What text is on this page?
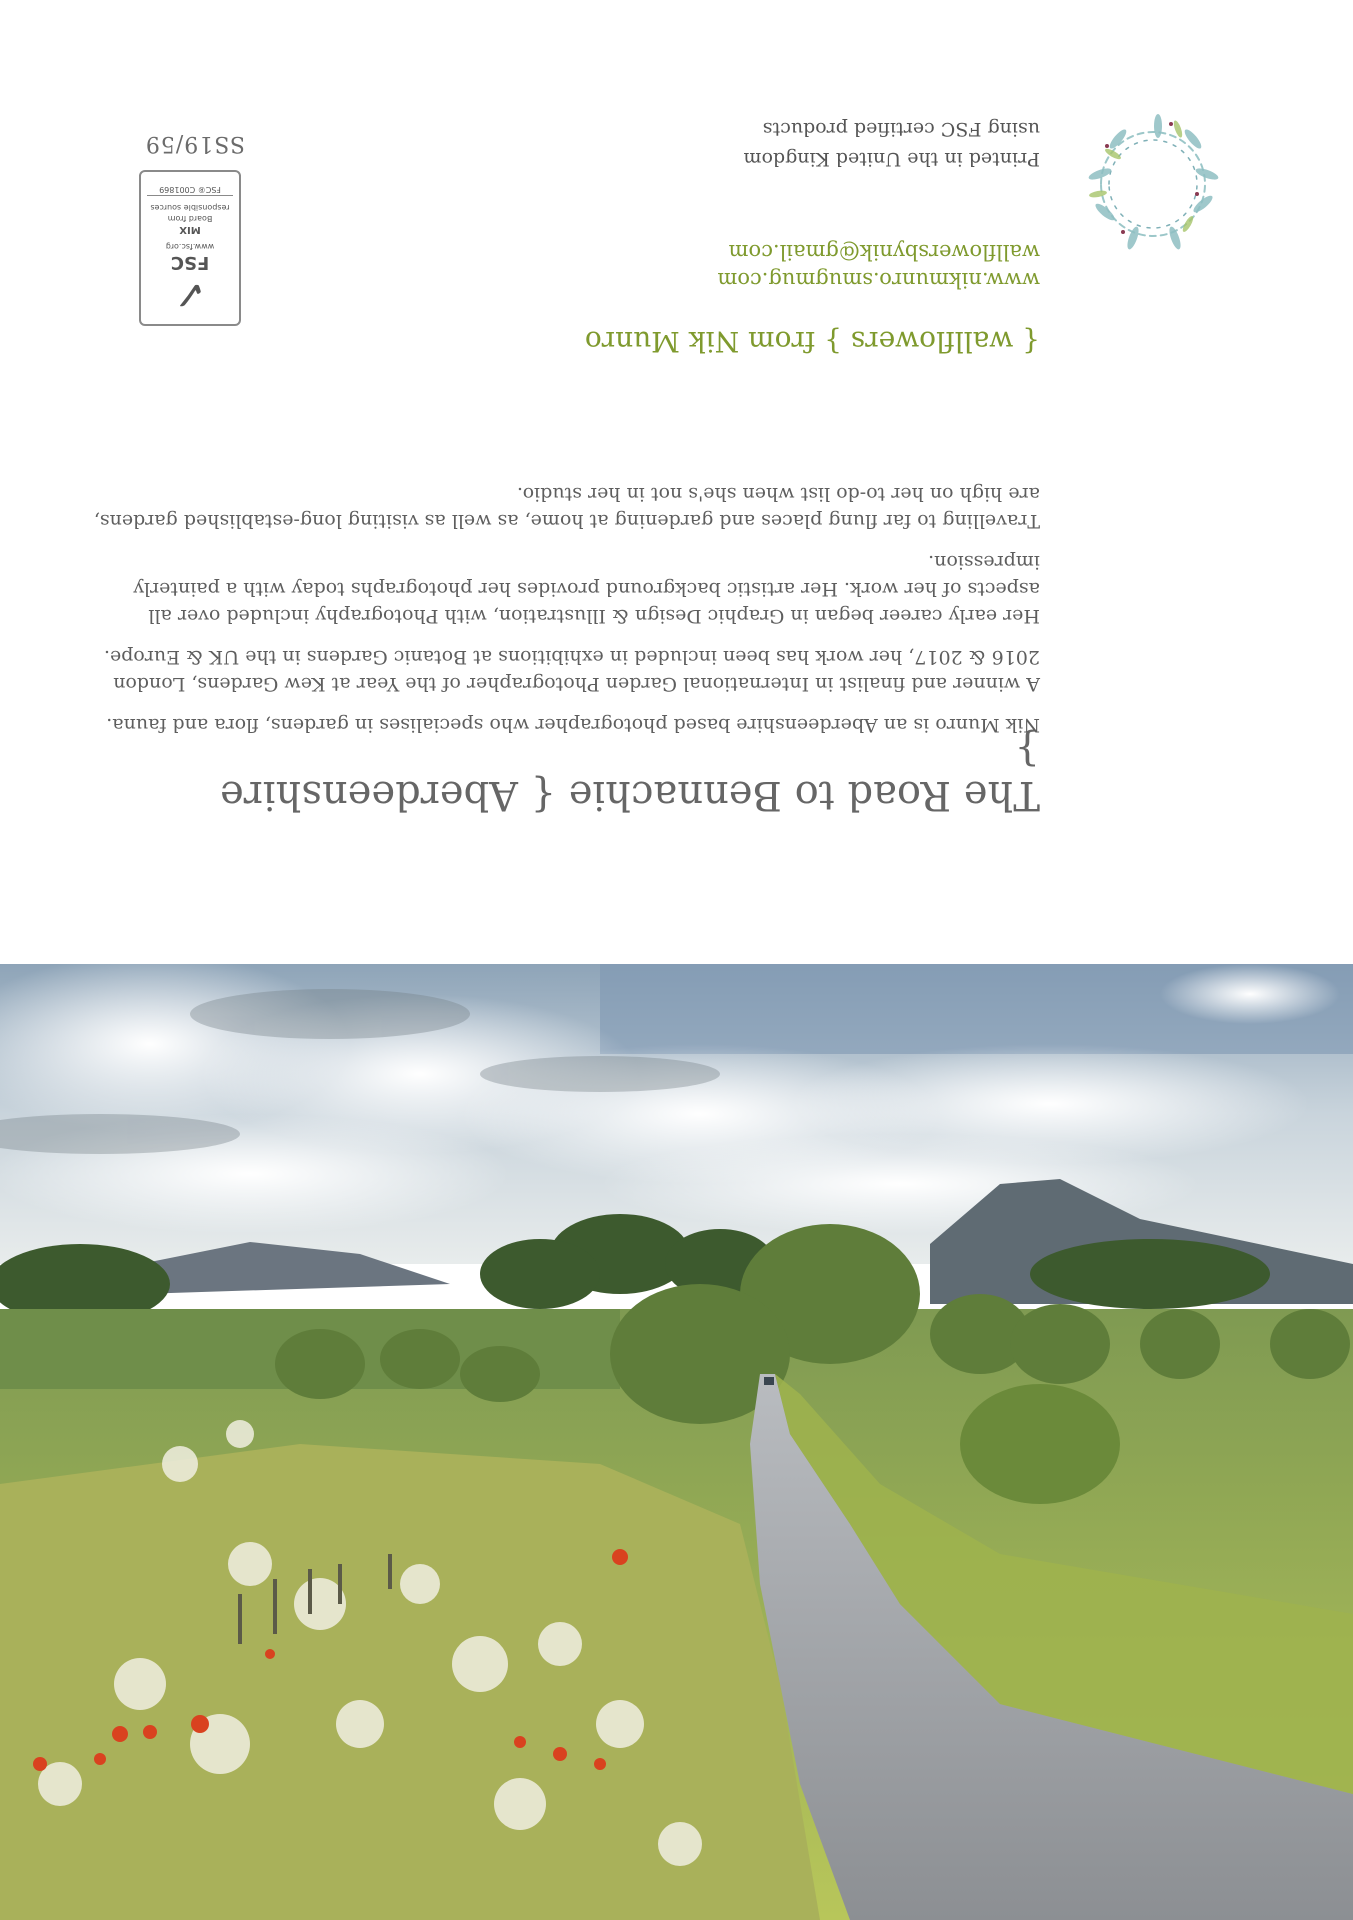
The Road to Bennachie { Aberdeenshire }

Nik Munro is an Aberdeenshire based photographer who specialises in gardens, flora and fauna.

A winner and finalist in International Garden Photographer of the Year at Kew Gardens, London 2016 & 2017, her work has been included in exhibitions at Botanic Gardens in the UK & Europe.

Her early career began in Graphic Design & Illustration, with Photography included over all aspects of her work. Her artistic background provides her photographs today with a painterly impression.

Travelling to far flung places and gardening at home, as well as visiting long-established gardens, are high on her to-do list when she's not in her studio.

{ wallflowers } from Nik Munro
www.nikmunro.smugmug.com
wallflowersbynik@gmail.com
Printed in the United Kingdom
using FSC certified products
✓
FSC
www.fsc.org
MIX
Board from
responsible sources
FSC® C001869
SS19/59
